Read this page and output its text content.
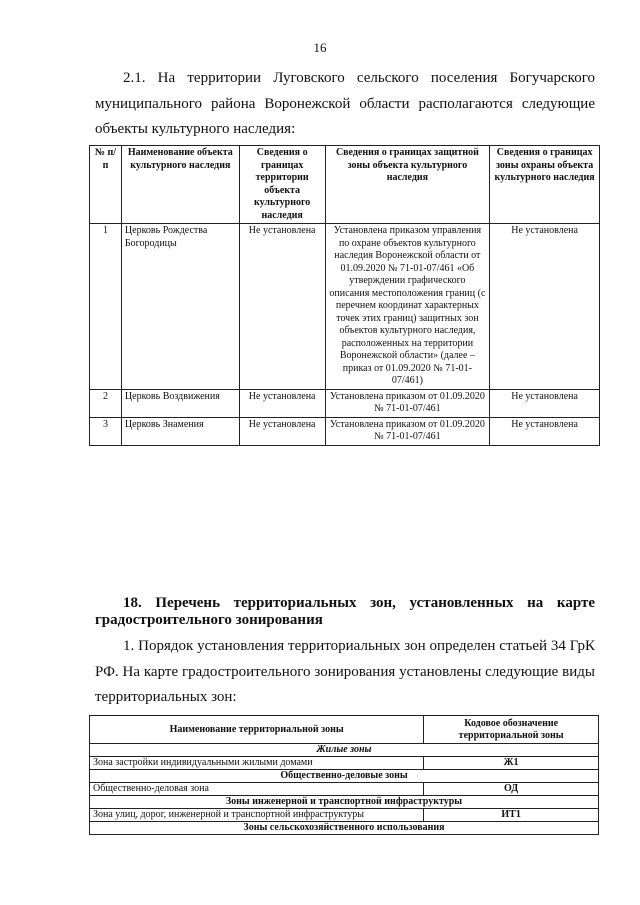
16
2.1. На территории Луговского сельского поселения Богучарского муниципального района Воронежской области располагаются следующие объекты культурного наследия:
№ п/п	Наименование объекта культурного наследия	Сведения о границах территории объекта культурного наследия	Сведения о границах защитной зоны объекта культурного наследия	Сведения о границах зоны охраны объекта культурного наследия
1	Церковь Рождества Богородицы	Не установлена	Установлена приказом управления по охране объектов культурного наследия Воронежской области от 01.09.2020 № 71-01-07/461 «Об утверждении графического описания местоположения границ (с перечнем координат характерных точек этих границ) защитных зон объектов культурного наследия, расположенных на территории Воронежской области» (далее – приказ от 01.09.2020 № 71-01-07/461)	Не установлена
2	Церковь Воздвижения	Не установлена	Установлена приказом от 01.09.2020 № 71-01-07/461	Не установлена
3	Церковь Знамения	Не установлена	Установлена приказом от 01.09.2020 № 71-01-07/461	Не установлена
18. Перечень территориальных зон, установленных на карте градостроительного зонирования
1. Порядок установления территориальных зон определен статьей 34 ГрК РФ. На карте градостроительного зонирования установлены следующие виды территориальных зон:
Наименование территориальной зоны	Кодовое обозначение территориальной зоны
Жилые зоны	
Зона застройки индивидуальными жилыми домами	Ж1
Общественно-деловые зоны	
Общественно-деловая зона	ОД
Зоны инженерной и транспортной инфраструктуры	
Зона улиц, дорог, инженерной и транспортной инфраструктуры	ИТ1
Зоны сельскохозяйственного использования	
